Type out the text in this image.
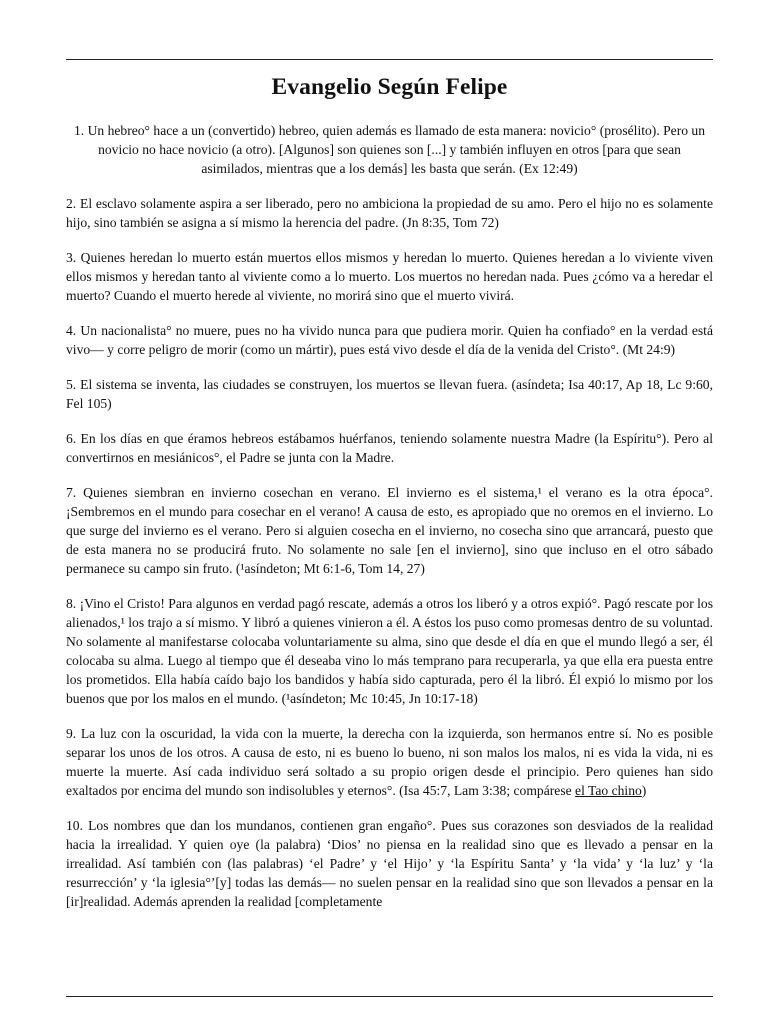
Evangelio Según Felipe

1. Un hebreo° hace a un (convertido) hebreo, quien además es llamado de esta manera: novicio° (prosélito). Pero un novicio no hace novicio (a otro). [Algunos] son quienes son [...] y también influyen en otros [para que sean asimilados, mientras que a los demás] les basta que serán. (Ex 12:49)

2. El esclavo solamente aspira a ser liberado, pero no ambiciona la propiedad de su amo. Pero el hijo no es solamente hijo, sino también se asigna a sí mismo la herencia del padre. (Jn 8:35, Tom 72)

3. Quienes heredan lo muerto están muertos ellos mismos y heredan lo muerto. Quienes heredan a lo viviente viven ellos mismos y heredan tanto al viviente como a lo muerto. Los muertos no heredan nada. Pues ¿cómo va a heredar el muerto? Cuando el muerto herede al viviente, no morirá sino que el muerto vivirá.

4. Un nacionalista° no muere, pues no ha vivido nunca para que pudiera morir. Quien ha confiado° en la verdad está vivo— y corre peligro de morir (como un mártir), pues está vivo desde el día de la venida del Cristo°. (Mt 24:9)

5. El sistema se inventa, las ciudades se construyen, los muertos se llevan fuera. (asíndeta; Isa 40:17, Ap 18, Lc 9:60, Fel 105)

6. En los días en que éramos hebreos estábamos huérfanos, teniendo solamente nuestra Madre (la Espíritu°). Pero al convertirnos en mesiánicos°, el Padre se junta con la Madre.

7. Quienes siembran en invierno cosechan en verano. El invierno es el sistema,¹ el verano es la otra época°. ¡Sembremos en el mundo para cosechar en el verano! A causa de esto, es apropiado que no oremos en el invierno. Lo que surge del invierno es el verano. Pero si alguien cosecha en el invierno, no cosecha sino que arrancará, puesto que de esta manera no se producirá fruto. No solamente no sale [en el invierno], sino que incluso en el otro sábado permanece su campo sin fruto. (¹asíndeton; Mt 6:1-6, Tom 14, 27)

8. ¡Vino el Cristo! Para algunos en verdad pagó rescate, además a otros los liberó y a otros expió°. Pagó rescate por los alienados,¹ los trajo a sí mismo. Y libró a quienes vinieron a él. A éstos los puso como promesas dentro de su voluntad. No solamente al manifestarse colocaba voluntariamente su alma, sino que desde el día en que el mundo llegó a ser, él colocaba su alma. Luego al tiempo que él deseaba vino lo más temprano para recuperarla, ya que ella era puesta entre los prometidos. Ella había caído bajo los bandidos y había sido capturada, pero él la libró. Él expió lo mismo por los buenos que por los malos en el mundo. (¹asíndeton; Mc 10:45, Jn 10:17-18)

9. La luz con la oscuridad, la vida con la muerte, la derecha con la izquierda, son hermanos entre sí. No es posible separar los unos de los otros. A causa de esto, ni es bueno lo bueno, ni son malos los malos, ni es vida la vida, ni es muerte la muerte. Así cada individuo será soltado a su propio origen desde el principio. Pero quienes han sido exaltados por encima del mundo son indisolubles y eternos°. (Isa 45:7, Lam 3:38; compárese el Tao chino)

10. Los nombres que dan los mundanos, contienen gran engaño°. Pues sus corazones son desviados de la realidad hacia la irrealidad. Y quien oye (la palabra) ‘Dios’ no piensa en la realidad sino que es llevado a pensar en la irrealidad. Así también con (las palabras) ‘el Padre’ y ‘el Hijo’ y ‘la Espíritu Santa’ y ‘la vida’ y ‘la luz’ y ‘la resurrección’ y ‘la iglesia°’[y] todas las demás— no suelen pensar en la realidad sino que son llevados a pensar en la [ir]realidad. Además aprenden la realidad [completamente
